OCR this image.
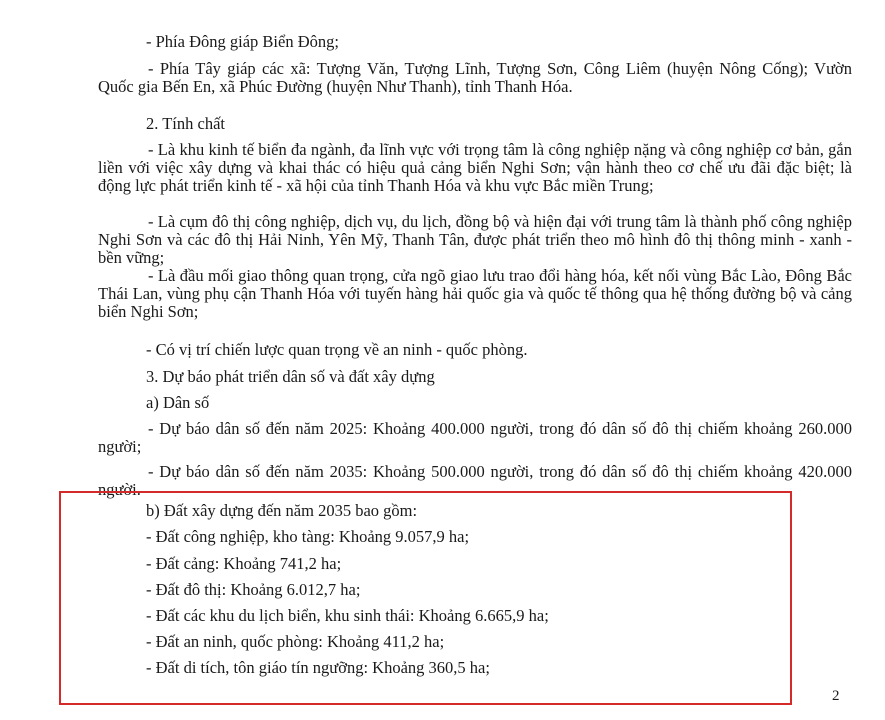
- Phía Đông giáp Biển Đông;

- Phía Tây giáp các xã: Tượng Văn, Tượng Lĩnh, Tượng Sơn, Công Liêm (huyện Nông Cống); Vườn Quốc gia Bến En, xã Phúc Đường (huyện Như Thanh), tỉnh Thanh Hóa.

2. Tính chất

- Là khu kinh tế biển đa ngành, đa lĩnh vực với trọng tâm là công nghiệp nặng và công nghiệp cơ bản, gắn liền với việc xây dựng và khai thác có hiệu quả cảng biển Nghi Sơn; vận hành theo cơ chế ưu đãi đặc biệt; là động lực phát triển kinh tế - xã hội của tỉnh Thanh Hóa và khu vực Bắc miền Trung;

- Là cụm đô thị công nghiệp, dịch vụ, du lịch, đồng bộ và hiện đại với trung tâm là thành phố công nghiệp Nghi Sơn và các đô thị Hải Ninh, Yên Mỹ, Thanh Tân, được phát triển theo mô hình đô thị thông minh - xanh - bền vững;

- Là đầu mối giao thông quan trọng, cửa ngõ giao lưu trao đổi hàng hóa, kết nối vùng Bắc Lào, Đông Bắc Thái Lan, vùng phụ cận Thanh Hóa với tuyến hàng hải quốc gia và quốc tế thông qua hệ thống đường bộ và cảng biển Nghi Sơn;

- Có vị trí chiến lược quan trọng về an ninh - quốc phòng.

3. Dự báo phát triển dân số và đất xây dựng

a) Dân số

- Dự báo dân số đến năm 2025: Khoảng 400.000 người, trong đó dân số đô thị chiếm khoảng 260.000 người;

- Dự báo dân số đến năm 2035: Khoảng 500.000 người, trong đó dân số đô thị chiếm khoảng 420.000 người.

b) Đất xây dựng đến năm 2035 bao gồm:

- Đất công nghiệp, kho tàng: Khoảng 9.057,9 ha;

- Đất cảng: Khoảng 741,2 ha;

- Đất đô thị: Khoảng 6.012,7 ha;

- Đất các khu du lịch biển, khu sinh thái: Khoảng 6.665,9 ha;

- Đất an ninh, quốc phòng: Khoảng 411,2 ha;

- Đất di tích, tôn giáo tín ngưỡng: Khoảng 360,5 ha;

2
